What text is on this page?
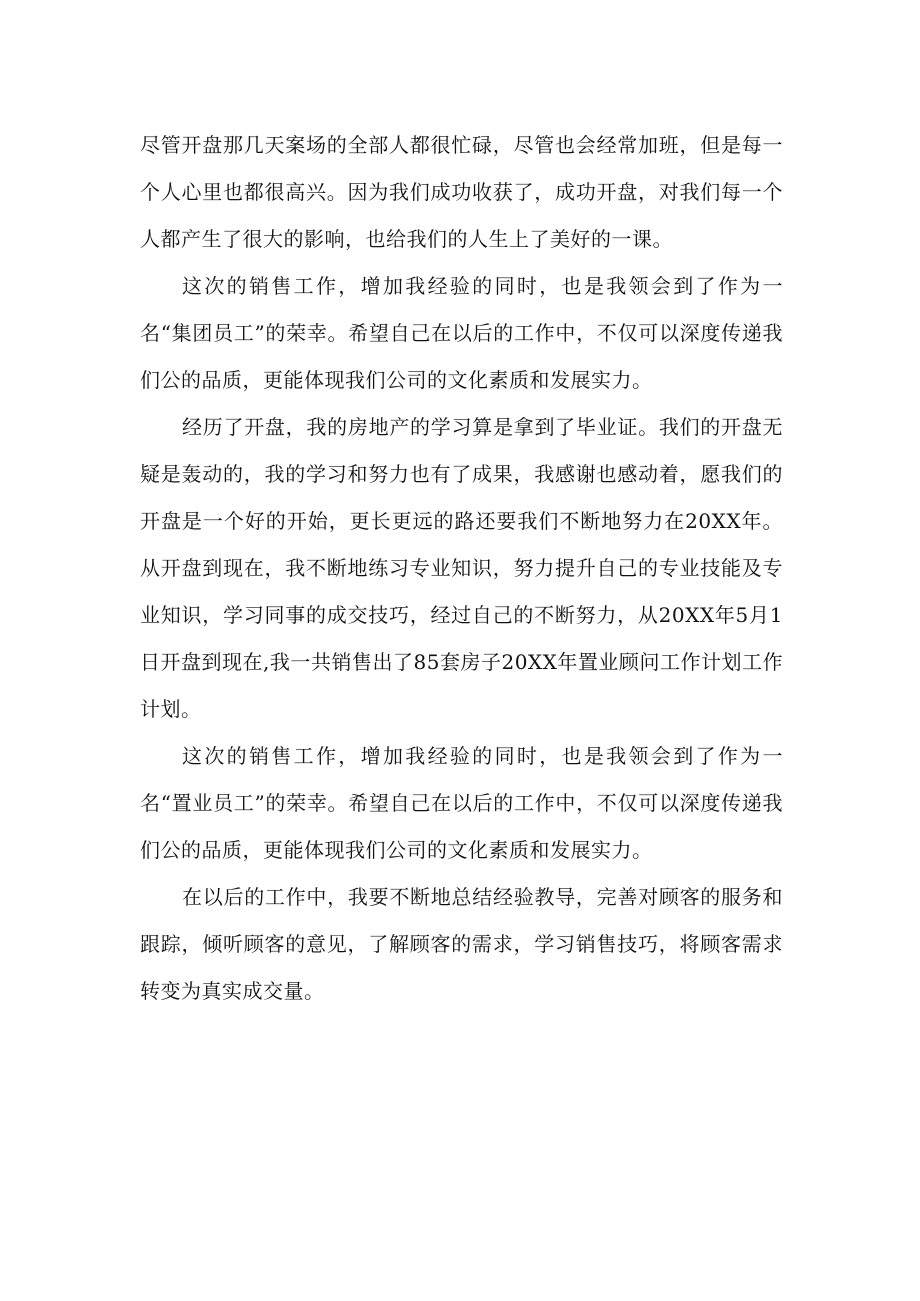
尽管开盘那几天案场的全部人都很忙碌，尽管也会经常加班，但是每一个人心里也都很高兴。因为我们成功收获了，成功开盘，对我们每一个人都产生了很大的影响，也给我们的人生上了美好的一课。

这次的销售工作，增加我经验的同时，也是我领会到了作为一名“集团员工”的荣幸。希望自己在以后的工作中，不仅可以深度传递我们公的品质，更能体现我们公司的文化素质和发展实力。

经历了开盘，我的房地产的学习算是拿到了毕业证。我们的开盘无疑是轰动的，我的学习和努力也有了成果，我感谢也感动着，愿我们的开盘是一个好的开始，更长更远的路还要我们不断地努力在20XX年。从开盘到现在，我不断地练习专业知识，努力提升自己的专业技能及专业知识，学习同事的成交技巧，经过自己的不断努力，从20XX年5月1日开盘到现在,我一共销售出了85套房子20XX年置业顾问工作计划工作计划。

这次的销售工作，增加我经验的同时，也是我领会到了作为一名“置业员工”的荣幸。希望自己在以后的工作中，不仅可以深度传递我们公的品质，更能体现我们公司的文化素质和发展实力。

在以后的工作中，我要不断地总结经验教导，完善对顾客的服务和跟踪，倾听顾客的意见，了解顾客的需求，学习销售技巧，将顾客需求转变为真实成交量。
